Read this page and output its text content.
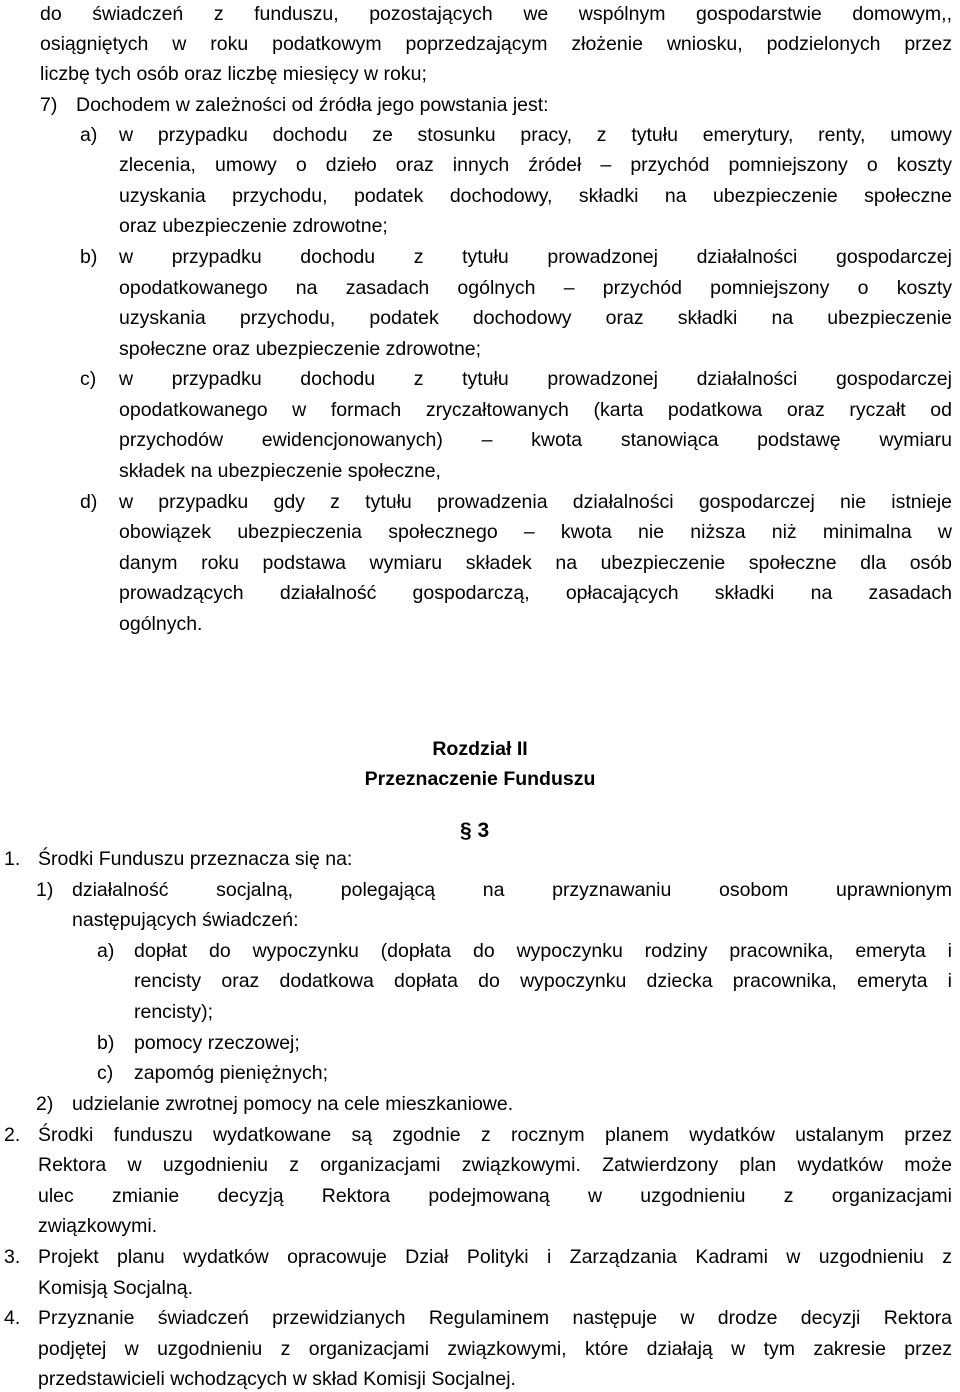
do świadczeń z funduszu, pozostających we wspólnym gospodarstwie domowym,,
osiągniętych w roku podatkowym poprzedzającym złożenie wniosku, podzielonych przez
liczbę tych osób oraz liczbę miesięcy w roku;
7) Dochodem w zależności od źródła jego powstania jest:
a) w przypadku dochodu ze stosunku pracy, z tytułu emerytury, renty, umowy
zlecenia, umowy o dzieło oraz innych źródeł – przychód pomniejszony o koszty
uzyskania przychodu, podatek dochodowy, składki na ubezpieczenie społeczne
oraz ubezpieczenie zdrowotne;
b) w przypadku dochodu z tytułu prowadzonej działalności gospodarczej
opodatkowanego na zasadach ogólnych – przychód pomniejszony o koszty
uzyskania przychodu, podatek dochodowy oraz składki na ubezpieczenie
społeczne oraz ubezpieczenie zdrowotne;
c) w przypadku dochodu z tytułu prowadzonej działalności gospodarczej
opodatkowanego w formach zryczałtowanych (karta podatkowa oraz ryczałt od
przychodów ewidencjonowanych) – kwota stanowiąca podstawę wymiaru
składek na ubezpieczenie społeczne,
d) w przypadku gdy z tytułu prowadzenia działalności gospodarczej nie istnieje
obowiązek ubezpieczenia społecznego – kwota nie niższa niż minimalna w
danym roku podstawa wymiaru składek na ubezpieczenie społeczne dla osób
prowadzących działalność gospodarczą, opłacających składki na zasadach
ogólnych.
Rozdział II
Przeznaczenie Funduszu
§ 3
1. Środki Funduszu przeznacza się na:
1) działalność socjalną, polegającą na przyznawaniu osobom uprawnionym
następujących świadczeń:
a) dopłat do wypoczynku (dopłata do wypoczynku rodziny pracownika, emeryta i
rencisty oraz dodatkowa dopłata do wypoczynku dziecka pracownika, emeryta i
rencisty);
b) pomocy rzeczowej;
c) zapomóg pieniężnych;
2) udzielanie zwrotnej pomocy na cele mieszkaniowe.
2. Środki funduszu wydatkowane są zgodnie z rocznym planem wydatków ustalanym przez
Rektora w uzgodnieniu z organizacjami związkowymi. Zatwierdzony plan wydatków może
ulec zmianie decyzją Rektora podejmowaną w uzgodnieniu z organizacjami
związkowymi.
3. Projekt planu wydatków opracowuje Dział Polityki i Zarządzania Kadrami w uzgodnieniu z
Komisją Socjalną.
4. Przyznanie świadczeń przewidzianych Regulaminem następuje w drodze decyzji Rektora
podjętej w uzgodnieniu z organizacjami związkowymi, które działają w tym zakresie przez
przedstawicieli wchodzących w skład Komisji Socjalnej.
